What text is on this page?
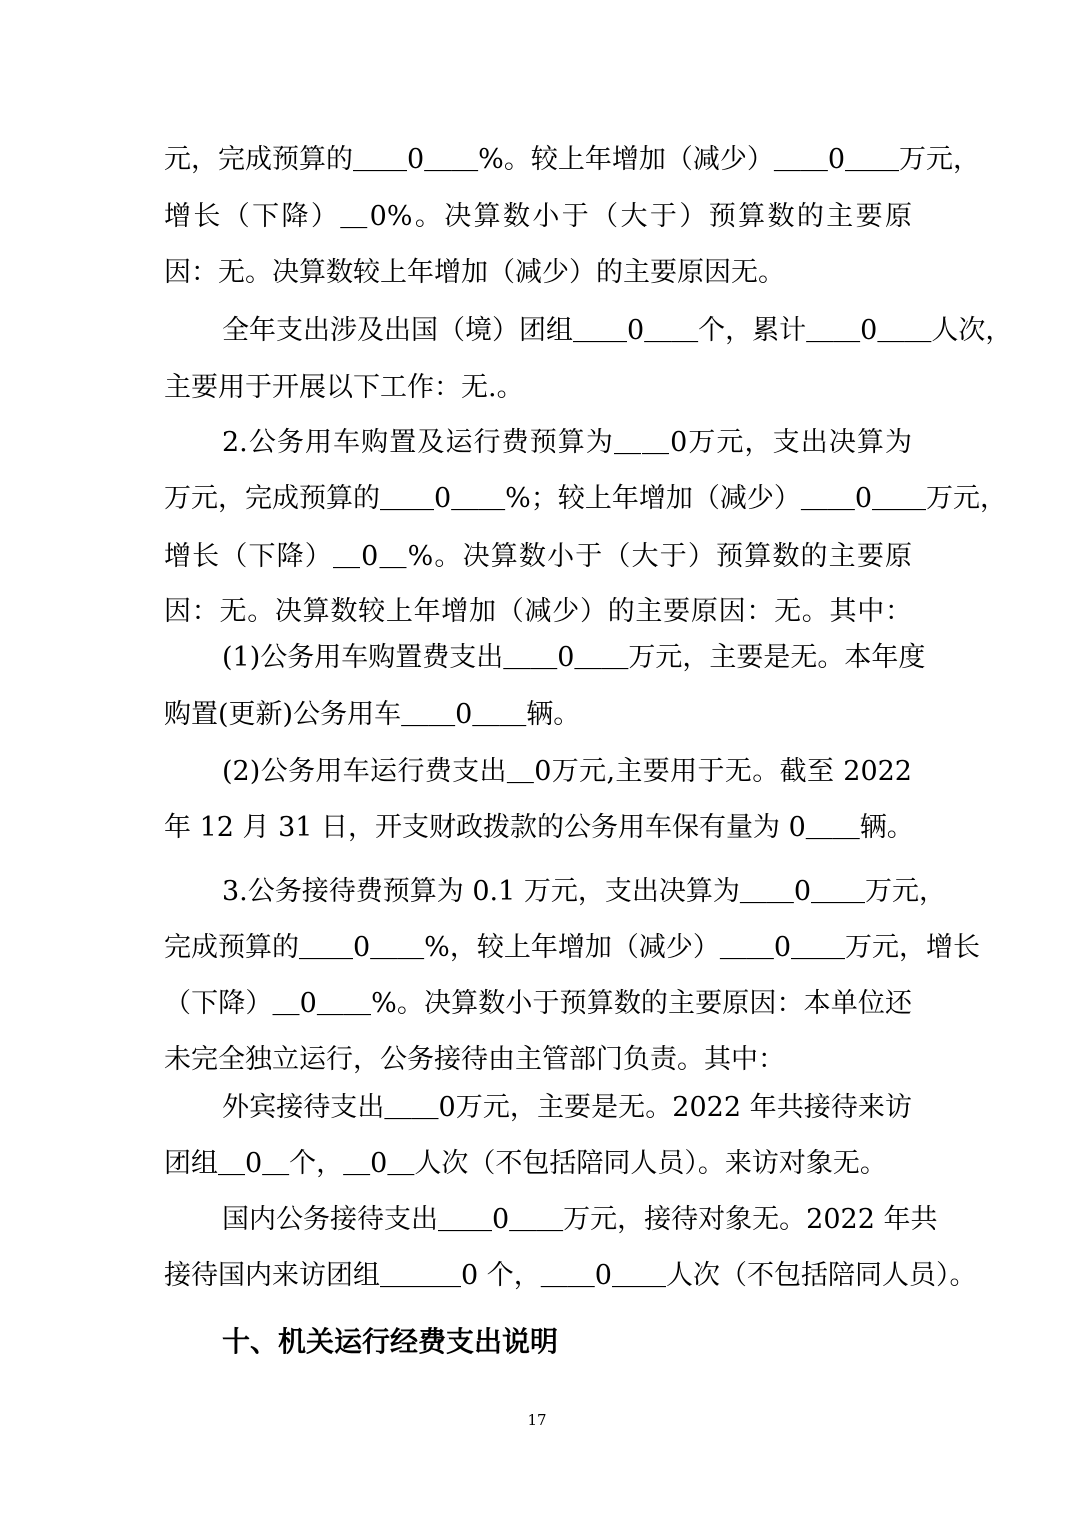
元，完成预算的＿＿0＿＿%。较上年增加（减少）＿＿0＿＿万元，
增长（下降）＿0%。决算数小于（大于）预算数的主要原
因：无。决算数较上年增加（减少）的主要原因无。
全年支出涉及出国（境）团组＿＿0＿＿个，累计＿＿0＿＿人次，
主要用于开展以下工作：无.。
2.公务用车购置及运行费预算为＿＿0万元，支出决算为
万元，完成预算的＿＿0＿＿%；较上年增加（减少）＿＿0＿＿万元，
增长（下降）＿0＿%。决算数小于（大于）预算数的主要原
因：无。决算数较上年增加（减少）的主要原因：无。其中：
(1)公务用车购置费支出＿＿0＿＿万元，主要是无。本年度
购置(更新)公务用车＿＿0＿＿辆。
(2)公务用车运行费支出＿0万元,主要用于无。截至 2022
年 12 月 31 日，开支财政拨款的公务用车保有量为 0＿＿辆。
3.公务接待费预算为 0.1 万元，支出决算为＿＿0＿＿万元，
完成预算的＿＿0＿＿%，较上年增加（减少）＿＿0＿＿万元，增长
（下降）＿0＿＿%。决算数小于预算数的主要原因：本单位还
未完全独立运行，公务接待由主管部门负责。其中：
外宾接待支出＿＿0万元，主要是无。2022 年共接待来访
团组＿0＿个，＿0＿人次（不包括陪同人员）。来访对象无。
国内公务接待支出＿＿0＿＿万元，接待对象无。2022 年共
接待国内来访团组＿＿＿0 个，＿＿0＿＿人次（不包括陪同人员）。
十、机关运行经费支出说明
17
